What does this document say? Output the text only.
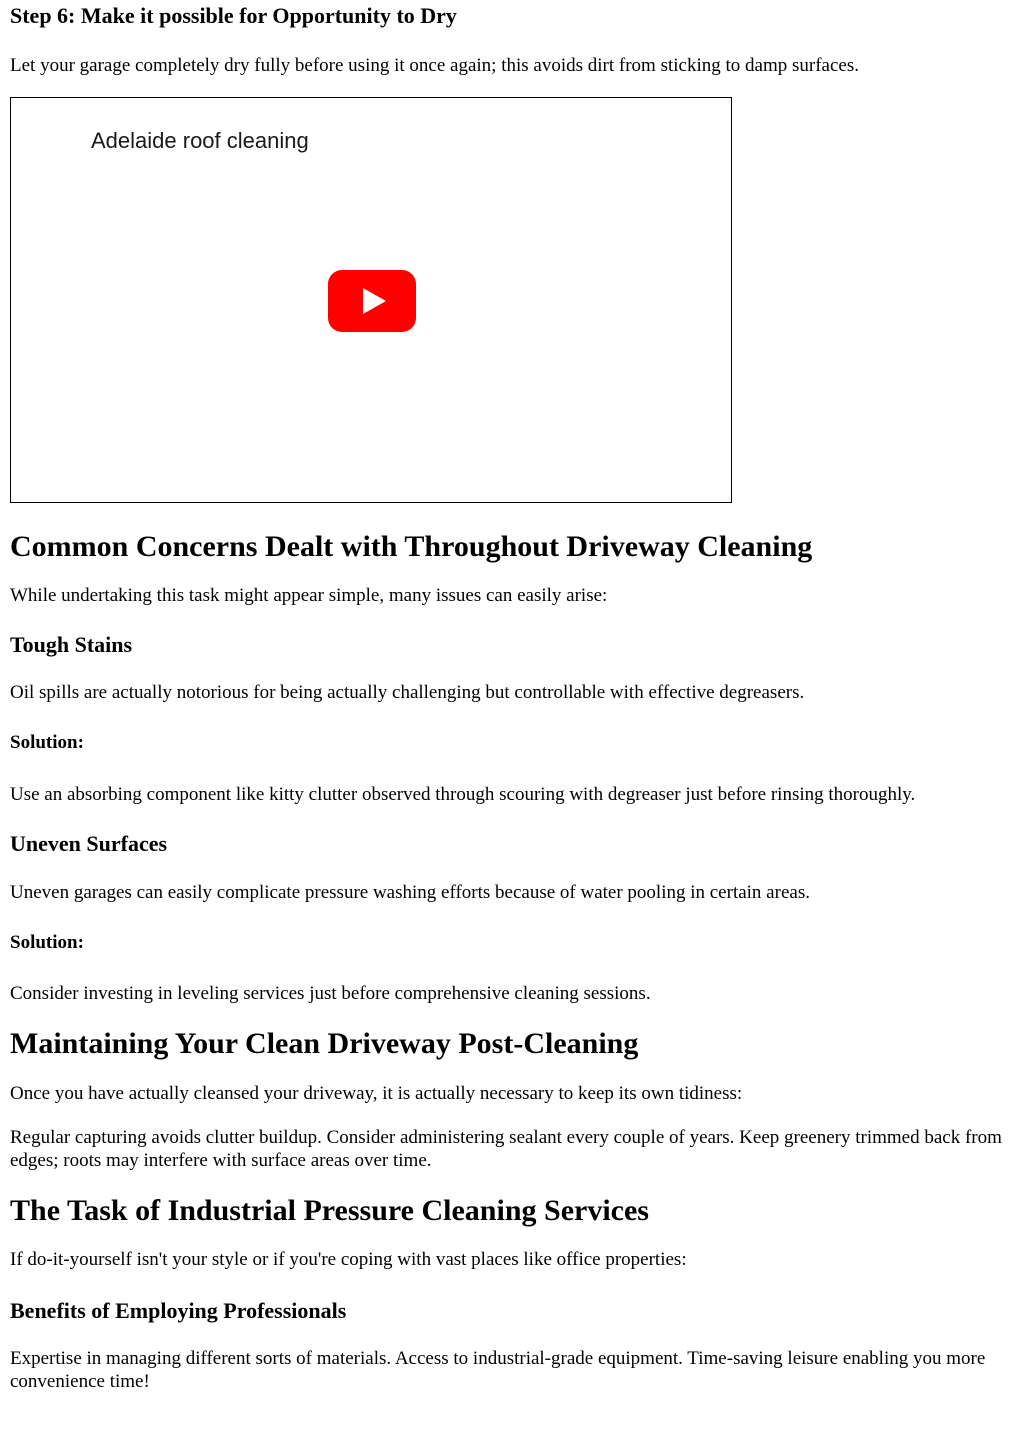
Step 6: Make it possible for Opportunity to Dry

Let your garage completely dry fully before using it once again; this avoids dirt from sticking to damp surfaces.

Adelaide roof cleaning
Common Concerns Dealt with Throughout Driveway Cleaning

While undertaking this task might appear simple, many issues can easily arise:

Tough Stains

Oil spills are actually notorious for being actually challenging but controllable with effective degreasers.

Solution:

Use an absorbing component like kitty clutter observed through scouring with degreaser just before rinsing thoroughly.

Uneven Surfaces

Uneven garages can easily complicate pressure washing efforts because of water pooling in certain areas.

Solution:

Consider investing in leveling services just before comprehensive cleaning sessions.

Maintaining Your Clean Driveway Post-Cleaning

Once you have actually cleansed your driveway, it is actually necessary to keep its own tidiness:

Regular capturing avoids clutter buildup. Consider administering sealant every couple of years. Keep greenery trimmed back from edges; roots may interfere with surface areas over time.

The Task of Industrial Pressure Cleaning Services

If do-it-yourself isn't your style or if you're coping with vast places like office properties:

Benefits of Employing Professionals

Expertise in managing different sorts of materials. Access to industrial-grade equipment. Time-saving leisure enabling you more convenience time!
